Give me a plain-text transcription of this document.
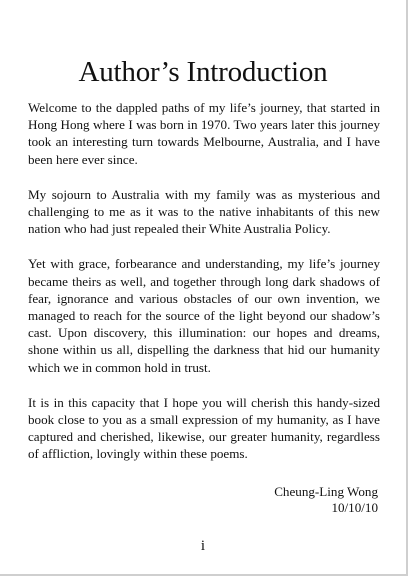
Author’s Introduction

Welcome to the dappled paths of my life’s journey, that started in Hong Hong where I was born in 1970. Two years later this journey took an interesting turn towards Melbourne, Australia, and I have been here ever since.

My sojourn to Australia with my family was as mysterious and challenging to me as it was to the native inhabitants of this new nation who had just repealed their White Australia Policy.

Yet with grace, forbearance and understanding, my life’s journey became theirs as well, and together through long dark shadows of fear, ignorance and various obstacles of our own invention, we managed to reach for the source of the light beyond our shadow’s cast. Upon discovery, this illumination: our hopes and dreams, shone within us all, dispelling the darkness that hid our humanity which we in common hold in trust.

It is in this capacity that I hope you will cherish this handy-sized book close to you as a small expression of my humanity, as I have captured and cherished, likewise, our greater humanity, regardless of affliction, lovingly within these poems.

Cheung-Ling Wong
10/10/10
i
